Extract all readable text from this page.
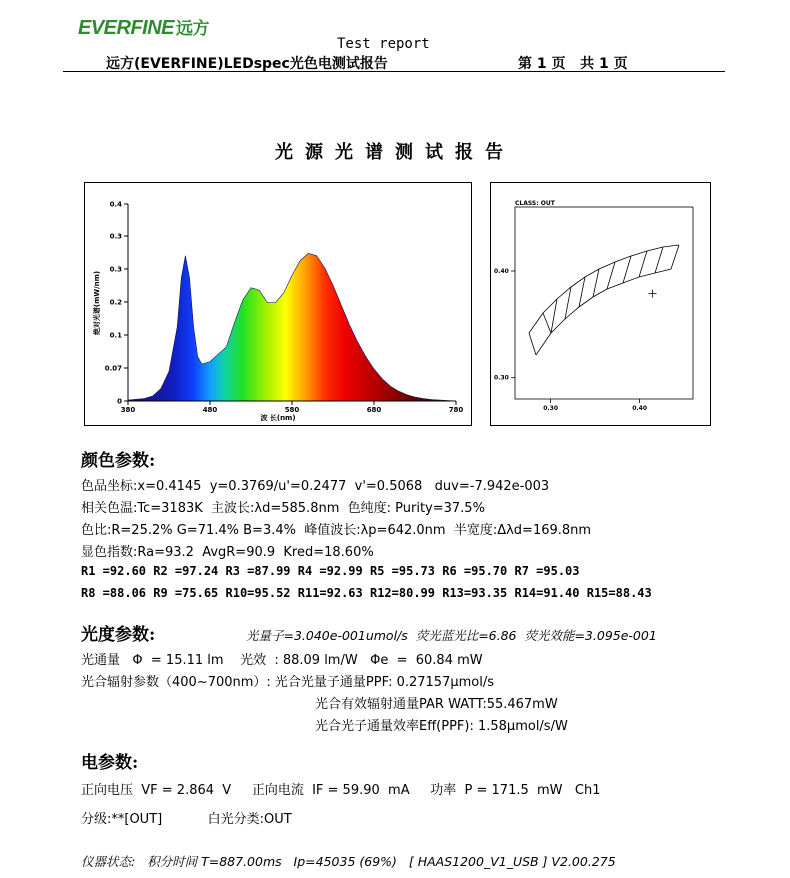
EVERFINE 远方
Test report
远方(EVERFINE)LEDspec光色电测试报告	第 1 页   共 1 页
光源光谱测试报告
0
0.07
0.1
0.2
0.3
0.3
0.4
380	480	580	680	780
波 长(nm)
绝对光谱(mW/nm)
CLASS: OUT
0.30	0.40
0.40
0.30
颜色参数:
色品坐标:x=0.4145  y=0.3769/u'=0.2477  v'=0.5068   duv=-7.942e-003
相关色温:Tc=3183K  主波长:λd=585.8nm  色纯度: Purity=37.5%
色比:R=25.2% G=71.4% B=3.4%  峰值波长:λp=642.0nm  半宽度:Δλd=169.8nm
显色指数:Ra=93.2  AvgR=90.9  Kred=18.60%
R1 =92.60 R2 =97.24 R3 =87.99 R4 =92.99 R5 =95.73 R6 =95.70 R7 =95.03
R8 =88.06 R9 =75.65 R10=95.52 R11=92.63 R12=80.99 R13=93.35 R14=91.40 R15=88.43
光度参数:	光量子=3.040e-001umol/s  荧光蓝光比=6.86  荧光效能=3.095e-001
光通量   Φ  = 15.11 lm    光效  : 88.09 lm/W   Φe  =  60.84 mW
光合辐射参数（400~700nm）: 光合光量子通量PPF: 0.27157μmol/s
光合有效辐射通量PAR WATT:55.467mW
光合光子通量效率Eff(PPF): 1.58μmol/s/W
电参数:
正向电压  VF = 2.864  V     正向电流  IF = 59.90  mA     功率  P = 171.5  mW   Ch1
分级:**[OUT]           白光分类:OUT
仪器状态:   积分时间 T=887.00ms   Ip=45035 (69%)   [ HAAS1200_V1_USB ] V2.00.275
